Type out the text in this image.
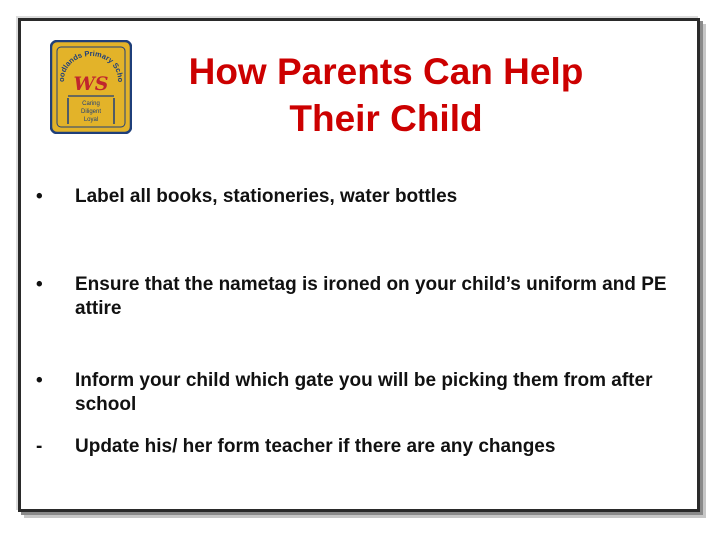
oodlands Primary Scho
WS
Caring
Diligent
Loyal
How Parents Can Help
Their Child
•	Label all books, stationeries, water bottles
•	Ensure that the nametag is ironed on your child’s uniform and PE attire
•	Inform your child which gate you will be picking them from after school
-	Update his/ her form teacher if there are any changes
